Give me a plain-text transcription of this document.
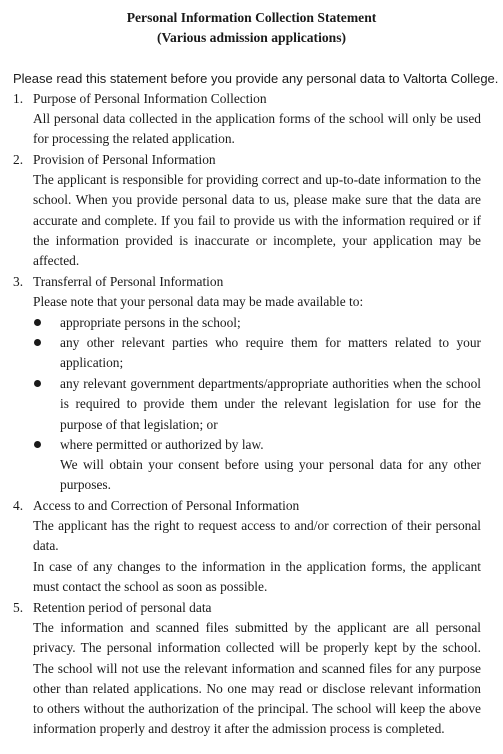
Personal Information Collection Statement
(Various admission applications)
Please read this statement before you provide any personal data to Valtorta College.
1. Purpose of Personal Information Collection
All personal data collected in the application forms of the school will only be used for processing the related application.
2. Provision of Personal Information
The applicant is responsible for providing correct and up-to-date information to the school. When you provide personal data to us, please make sure that the data are accurate and complete. If you fail to provide us with the information required or if the information provided is inaccurate or incomplete, your application may be affected.
3. Transferral of Personal Information
Please note that your personal data may be made available to:
appropriate persons in the school;
any other relevant parties who require them for matters related to your application;
any relevant government departments/appropriate authorities when the school is required to provide them under the relevant legislation for use for the purpose of that legislation; or
where permitted or authorized by law.
We will obtain your consent before using your personal data for any other purposes.
4. Access to and Correction of Personal Information
The applicant has the right to request access to and/or correction of their personal data.
In case of any changes to the information in the application forms, the applicant must contact the school as soon as possible.
5. Retention period of personal data
The information and scanned files submitted by the applicant are all personal privacy. The personal information collected will be properly kept by the school. The school will not use the relevant information and scanned files for any purpose other than related applications. No one may read or disclose relevant information to others without the authorization of the principal. The school will keep the above information properly and destroy it after the admission process is completed.
